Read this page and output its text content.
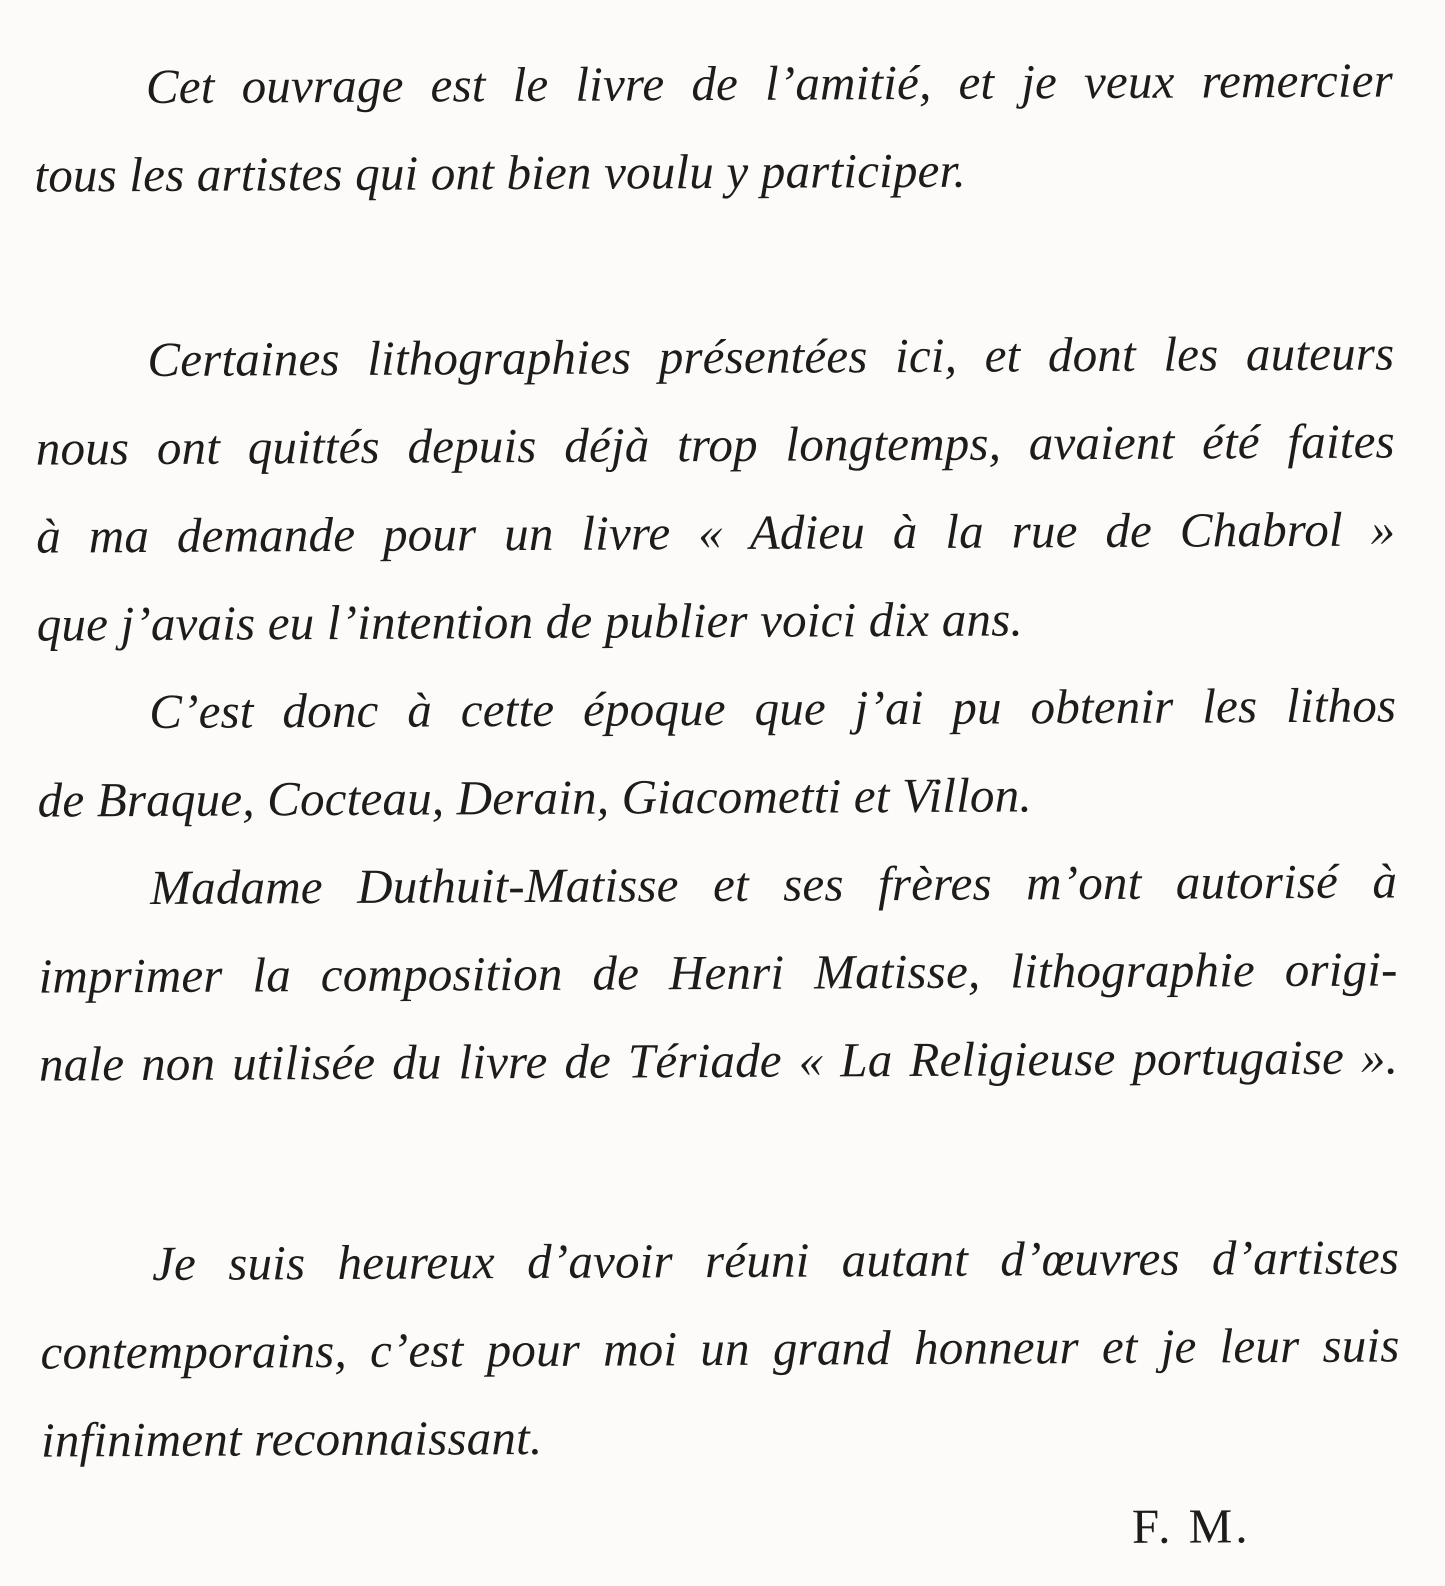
Cet ouvrage est le livre de l’amitié, et je veux remercier
tous les artistes qui ont bien voulu y participer.

Certaines lithographies présentées ici, et dont les auteurs
nous ont quittés depuis déjà trop longtemps, avaient été faites
à ma demande pour un livre « Adieu à la rue de Chabrol »
que j’avais eu l’intention de publier voici dix ans.

C’est donc à cette époque que j’ai pu obtenir les lithos
de Braque, Cocteau, Derain, Giacometti et Villon.

Madame Duthuit-Matisse et ses frères m’ont autorisé à
imprimer la composition de Henri Matisse, lithographie origi-
nale non utilisée du livre de Tériade « La Religieuse portugaise ».

Je suis heureux d’avoir réuni autant d’œuvres d’artistes
contemporains, c’est pour moi un grand honneur et je leur suis
infiniment reconnaissant.

F. M.
